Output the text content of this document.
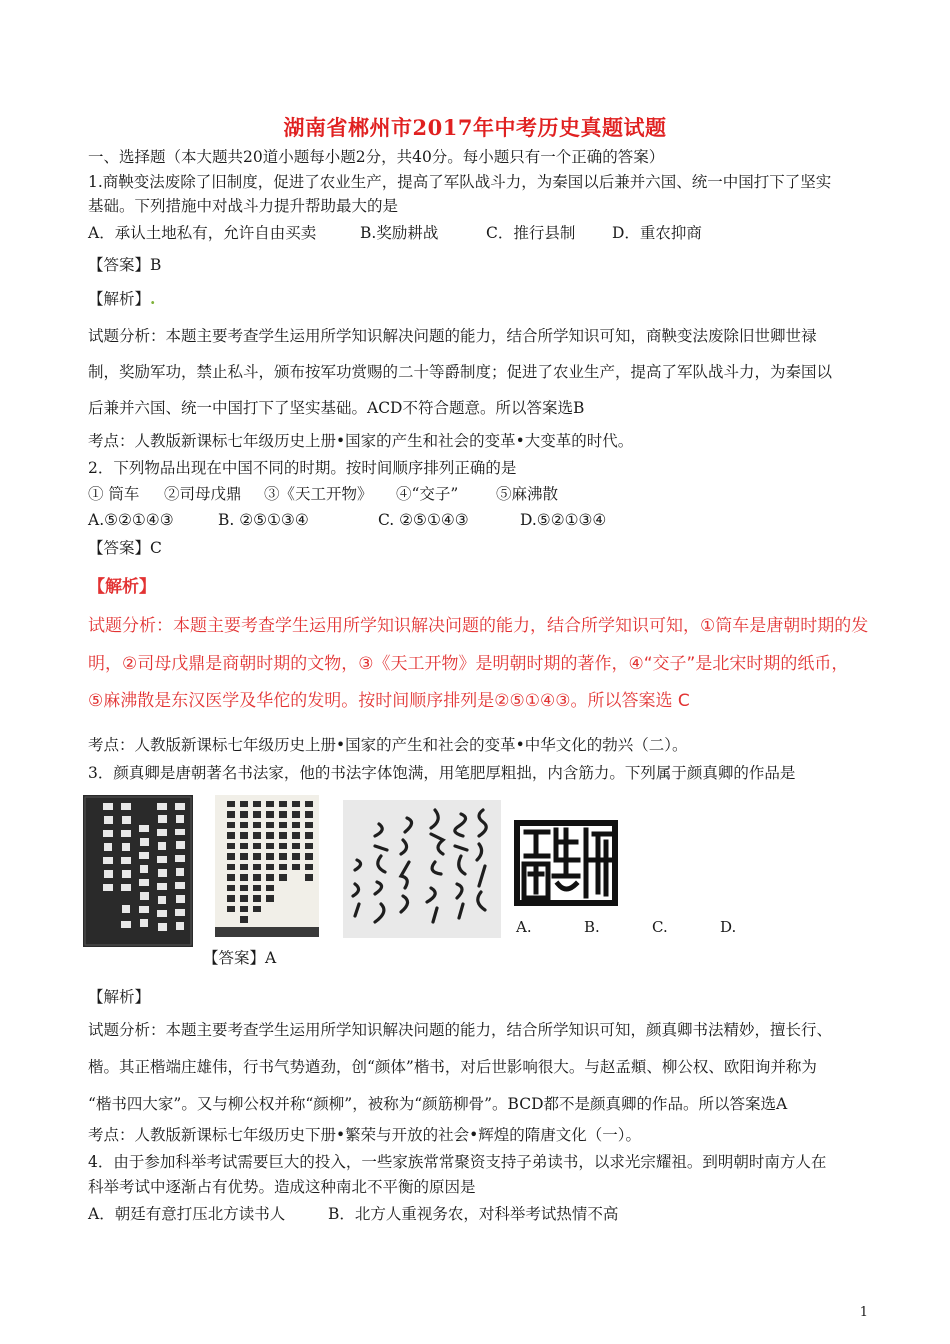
湖南省郴州市2017年中考历史真题试题
一、选择题（本大题共20道小题每小题2分，共40分。每小题只有一个正确的答案）
1.商鞅变法废除了旧制度，促进了农业生产，提高了军队战斗力，为秦国以后兼并六国、统一中国打下了坚实
基础。下列措施中对战斗力提升帮助最大的是
A．承认土地私有，允许自由买卖	B.奖励耕战	C．推行县制 D．重农抑商
【答案】B
【解析】.
试题分析：本题主要考查学生运用所学知识解决问题的能力，结合所学知识可知，商鞅变法废除旧世卿世禄
制，奖励军功，禁止私斗，颁布按军功赏赐的二十等爵制度；促进了农业生产，提高了军队战斗力，为秦国以
后兼并六国、统一中国打下了坚实基础。ACD不符合题意。所以答案选B
考点：人教版新课标七年级历史上册•国家的产生和社会的变革•大变革的时代。
2．下列物品出现在中国不同的时期。按时间顺序排列正确的是
① 筒车 ②司母戊鼎 ③《天工开物》 ④“交子” ⑤麻沸散
A.⑤②①④③	B. ②⑤①③④	C. ②⑤①④③	D.⑤②①③④
【答案】C
【解析】
试题分析：本题主要考查学生运用所学知识解决问题的能力，结合所学知识可知，①筒车是唐朝时期的发
明，②司母戊鼎是商朝时期的文物，③《天工开物》是明朝时期的著作，④“交子”是北宋时期的纸币，
⑤麻沸散是东汉医学及华佗的发明。按时间顺序排列是②⑤①④③。所以答案选 C
考点：人教版新课标七年级历史上册•国家的产生和社会的变革•中华文化的勃兴（二）。
3．颜真卿是唐朝著名书法家，他的书法字体饱满，用笔肥厚粗拙，内含筋力。下列属于颜真卿的作品是
A.	B.	C.	D.
【答案】A
【解析】
试题分析：本题主要考查学生运用所学知识解决问题的能力，结合所学知识可知，颜真卿书法精妙，擅长行、
楷。其正楷端庄雄伟，行书气势遒劲，创“颜体”楷书，对后世影响很大。与赵孟頫、柳公权、欧阳询并称为
“楷书四大家”。又与柳公权并称“颜柳”，被称为“颜筋柳骨”。BCD都不是颜真卿的作品。所以答案选A
考点：人教版新课标七年级历史下册•繁荣与开放的社会•辉煌的隋唐文化（一）。
4．由于参加科举考试需要巨大的投入，一些家族常常聚资支持子弟读书，以求光宗耀祖。到明朝时南方人在
科举考试中逐渐占有优势。造成这种南北不平衡的原因是
A．朝廷有意打压北方读书人	B．北方人重视务农，对科举考试热情不高
1
